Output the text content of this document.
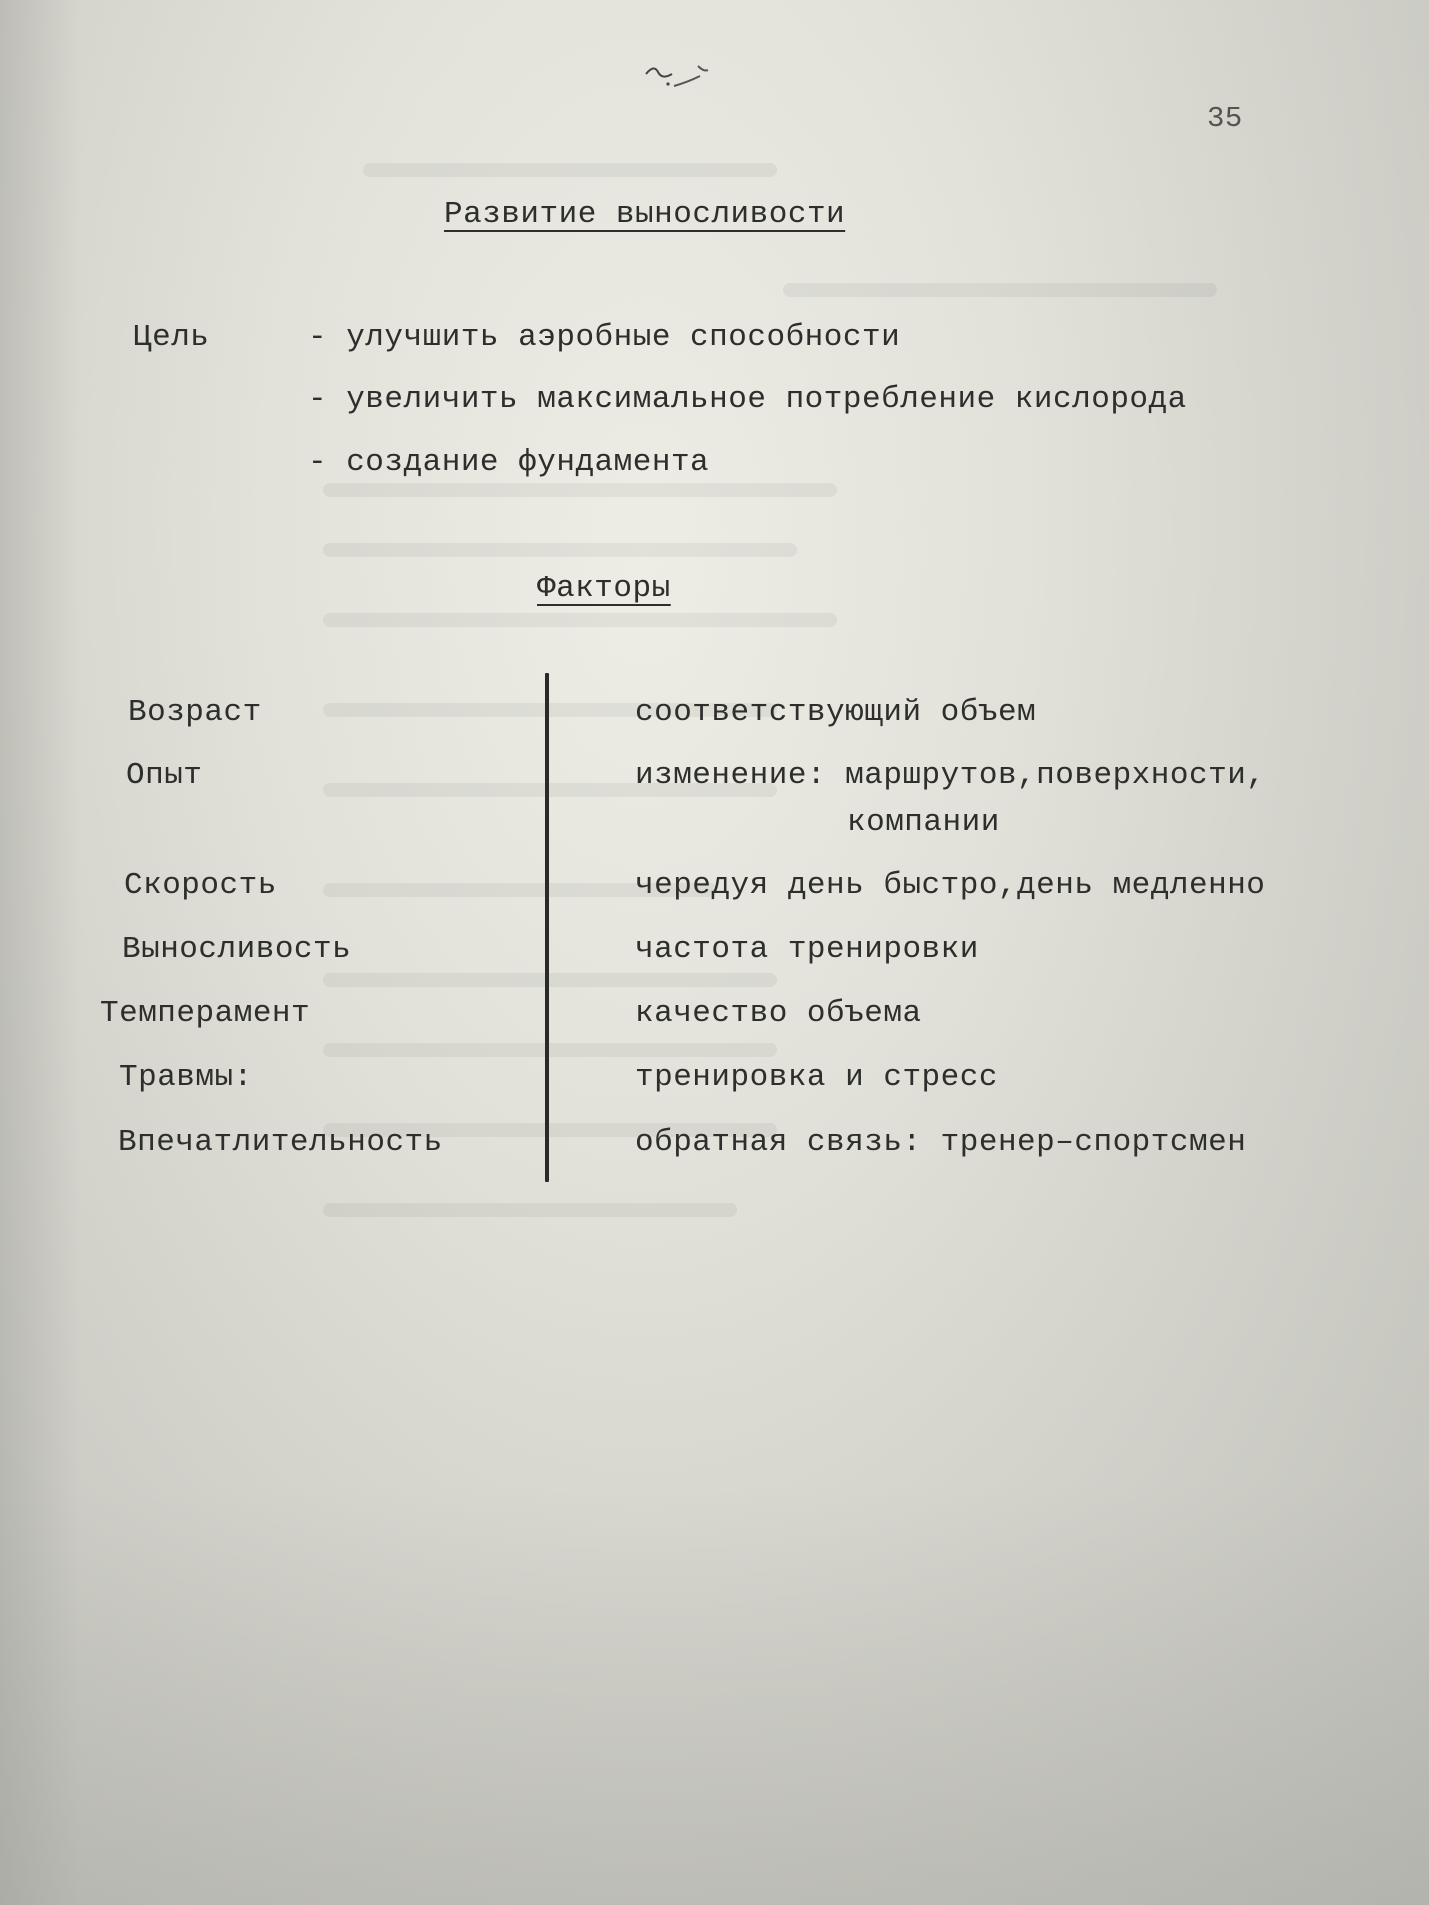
35
Развитие выносливости
Цель	- улучшить аэробные способности
- увеличить максимальное потребление кислорода
- создание фундамента
Факторы
Возраст
Опыт
Скорость
Выносливость
Темперамент
Травмы:
Впечатлительность
соответствующий объем
изменение: маршрутов,поверхности,
компании
чередуя день быстро,день медленно
частота тренировки
качество объема
тренировка и стресс
обратная связь: тренер–спортсмен
